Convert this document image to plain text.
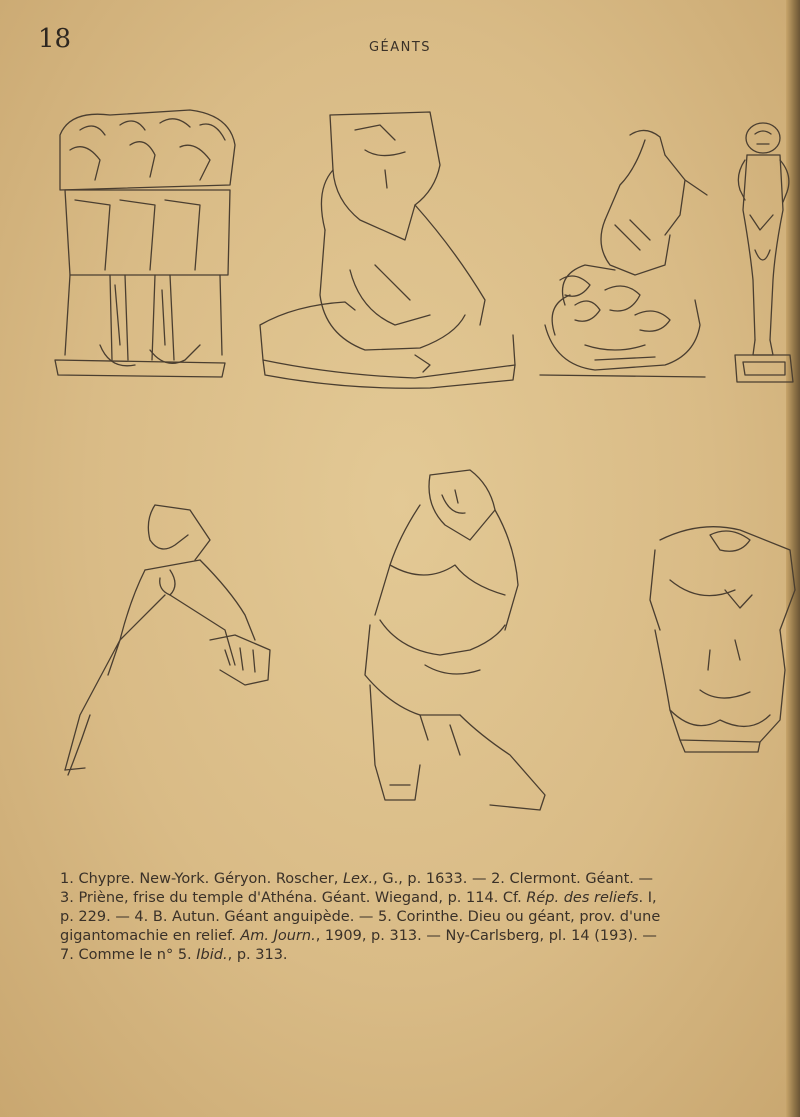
18	GÉANTS

1. Chypre. New-York. Géryon. Roscher, Lex., G., p. 1633. — 2. Clermont. Géant. —

3. Priène, frise du temple d'Athéna. Géant. Wiegand, p. 114. Cf. Rép. des reliefs. I,

p. 229. — 4. B. Autun. Géant anguipède. — 5. Corinthe. Dieu ou géant, prov. d'une

gigantomachie en relief. Am. Journ., 1909, p. 313. — Ny-Carlsberg, pl. 14 (193). —

7. Comme le n° 5. Ibid., p. 313.
